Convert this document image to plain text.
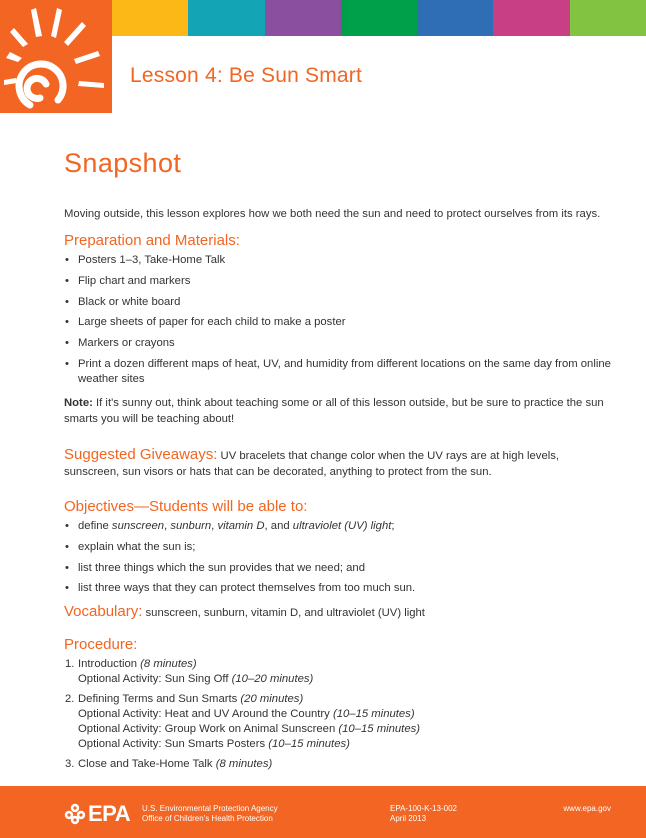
Lesson 4: Be Sun Smart
Snapshot

Moving outside, this lesson explores how we both need the sun and need to protect ourselves from its rays.

Preparation and Materials:
• Posters 1–3, Take-Home Talk
• Flip chart and markers
• Black or white board
• Large sheets of paper for each child to make a poster
• Markers or crayons
• Print a dozen different maps of heat, UV, and humidity from different locations on the same day from online weather sites

Note: If it's sunny out, think about teaching some or all of this lesson outside, but be sure to practice the sun smarts you will be teaching about!

Suggested Giveaways: UV bracelets that change color when the UV rays are at high levels, sunscreen, sun visors or hats that can be decorated, anything to protect from the sun.

Objectives—Students will be able to:
• define sunscreen, sunburn, vitamin D, and ultraviolet (UV) light;
• explain what the sun is;
• list three things which the sun provides that we need; and
• list three ways that they can protect themselves from too much sun.

Vocabulary: sunscreen, sunburn, vitamin D, and ultraviolet (UV) light

Procedure:
1. Introduction (8 minutes)
Optional Activity: Sun Sing Off (10–20 minutes)
2. Defining Terms and Sun Smarts (20 minutes)
Optional Activity: Heat and UV Around the Country (10–15 minutes)
Optional Activity: Group Work on Animal Sunscreen (10–15 minutes)
Optional Activity: Sun Smarts Posters (10–15 minutes)
3. Close and Take-Home Talk (8 minutes)
EPA U.S. Environmental Protection Agency
Office of Children's Health Protection
EPA-100-K-13-002
April 2013
www.epa.gov
